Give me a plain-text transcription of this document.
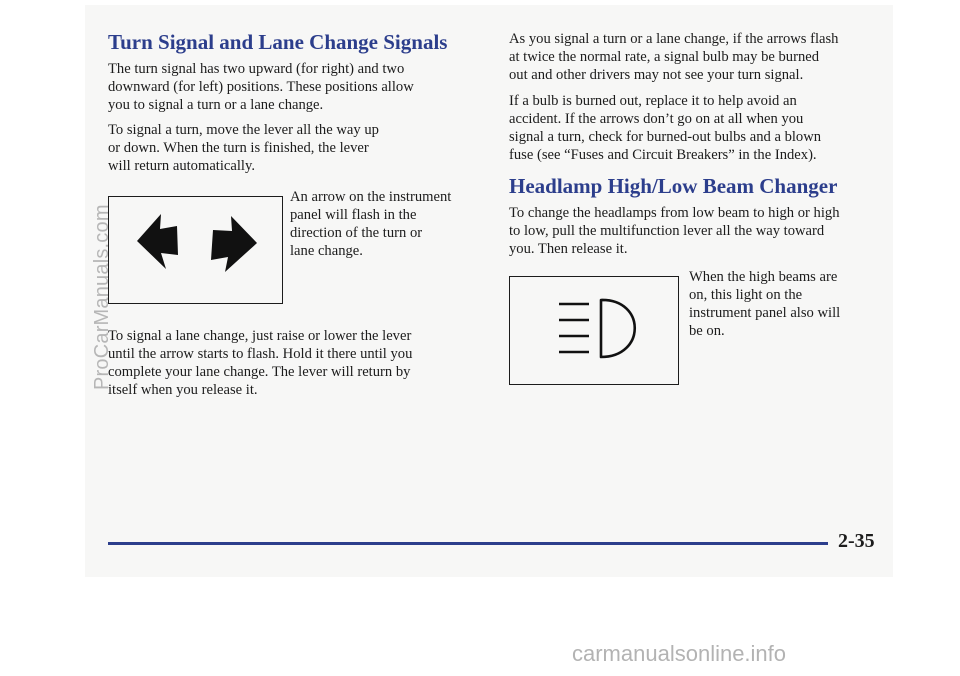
Turn Signal and Lane Change Signals

The turn signal has two upward (for right) and two

downward (for left) positions. These positions allow

you to signal a turn or a lane change.

To signal a turn, move the lever all the way up

or down. When the turn is finished, the lever

will return automatically.

An arrow on the instrument

panel will flash in the

direction of the turn or

lane change.

To signal a lane change, just raise or lower the lever

until the arrow starts to flash. Hold it there until you

complete your lane change. The lever will return by

itself when you release it.

As you signal a turn or a lane change, if the arrows flash

at twice the normal rate, a signal bulb may be burned

out and other drivers may not see your turn signal.

If a bulb is burned out, replace it to help avoid an

accident. If the arrows don’t go on at all when you

signal a turn, check for burned-out bulbs and a blown

fuse (see “Fuses and Circuit Breakers” in the Index).

Headlamp High/Low Beam Changer

To change the headlamps from low beam to high or high

to low, pull the multifunction lever all the way toward

you. Then release it.

When the high beams are

on, this light on the

instrument panel also will

be on.

2-35
ProCarManuals.com
carmanualsonline.info
